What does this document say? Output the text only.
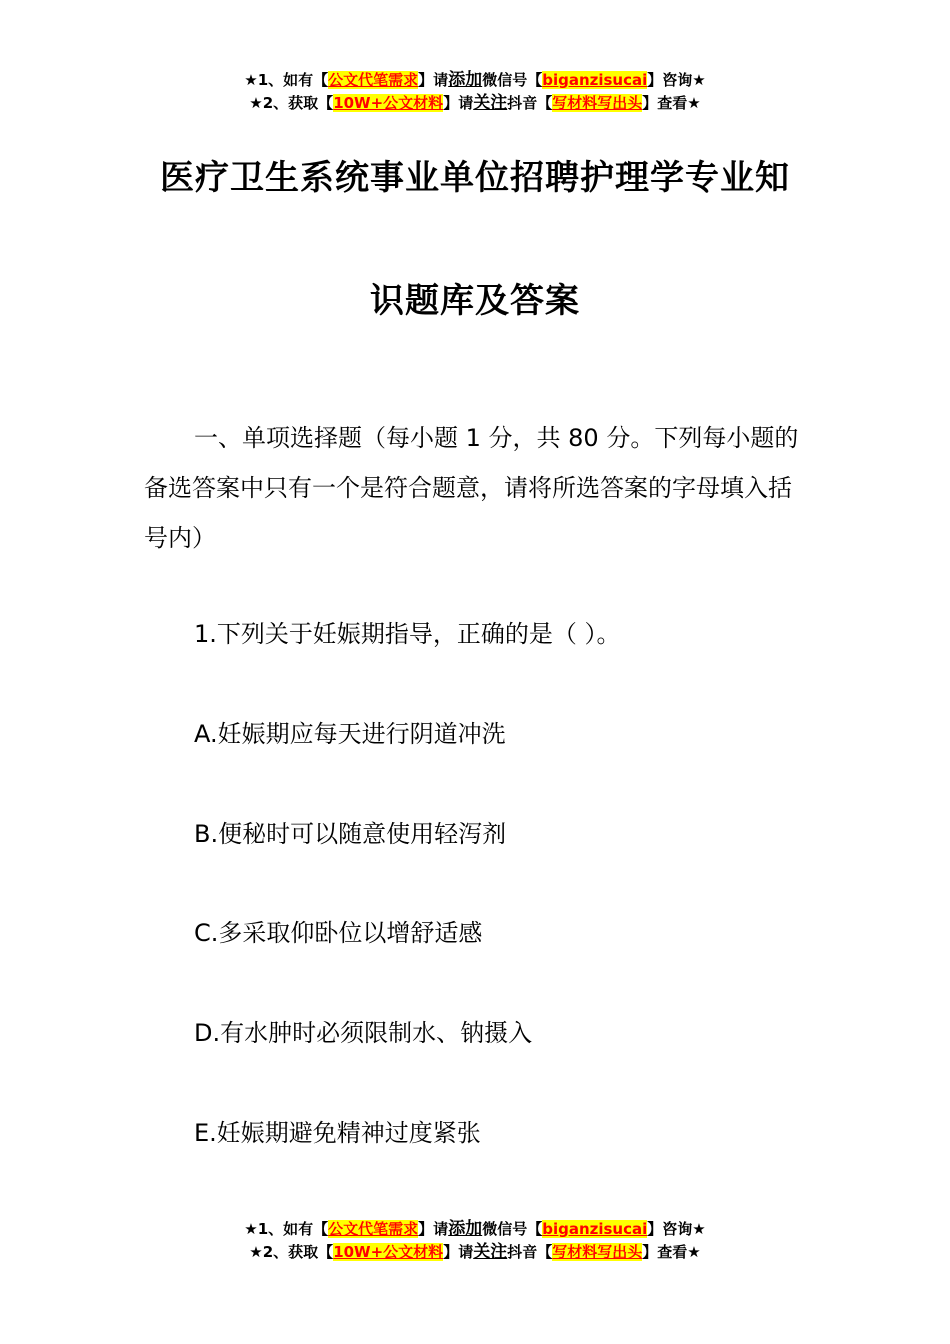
★1、如有【公文代笔需求】请添加微信号【biganzisucai】咨询★
★2、获取【10W+公文材料】请关注抖音【写材料写出头】查看★
医疗卫生系统事业单位招聘护理学专业知
识题库及答案
一、单项选择题（每小题 1 分，共 80 分。下列每小题的备选答案中只有一个是符合题意，请将所选答案的字母填入括号内）
1.下列关于妊娠期指导，正确的是（ ）。
A.妊娠期应每天进行阴道冲洗
B.便秘时可以随意使用轻泻剂
C.多采取仰卧位以增舒适感
D.有水肿时必须限制水、钠摄入
E.妊娠期避免精神过度紧张
★1、如有【公文代笔需求】请添加微信号【biganzisucai】咨询★
★2、获取【10W+公文材料】请关注抖音【写材料写出头】查看★
